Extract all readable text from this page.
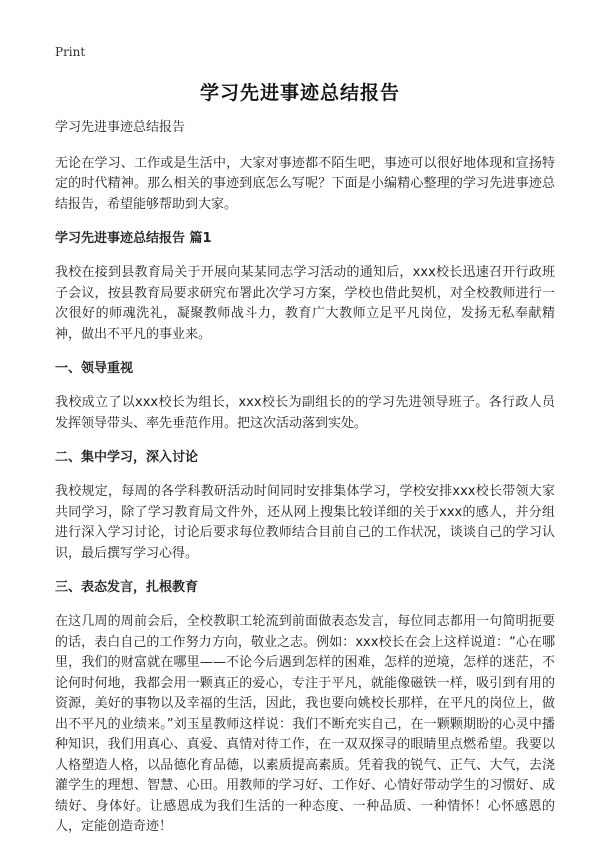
Print
学习先进事迹总结报告

学习先进事迹总结报告

无论在学习、工作或是生活中，大家对事迹都不陌生吧，事迹可以很好地体现和宣扬特定的时代精神。那么相关的事迹到底怎么写呢？下面是小编精心整理的学习先进事迹总结报告，希望能够帮助到大家。

学习先进事迹总结报告 篇1

我校在接到县教育局关于开展向某某同志学习活动的通知后，xxx校长迅速召开行政班子会议，按县教育局要求研究布署此次学习方案，学校也借此契机，对全校教师进行一次很好的师魂洗礼，凝聚教师战斗力，教育广大教师立足平凡岗位，发扬无私奉献精神，做出不平凡的事业来。

一、领导重视

我校成立了以xxx校长为组长，xxx校长为副组长的的学习先进领导班子。各行政人员发挥领导带头、率先垂范作用。把这次活动落到实处。

二、集中学习，深入讨论

我校规定，每周的各学科教研活动时间同时安排集体学习，学校安排xxx校长带领大家共同学习，除了学习教育局文件外，还从网上搜集比较详细的关于xxx的感人，并分组进行深入学习讨论，讨论后要求每位教师结合目前自己的工作状况，谈谈自己的学习认识，最后撰写学习心得。

三、表态发言，扎根教育

在这几周的周前会后，全校教职工轮流到前面做表态发言，每位同志都用一句简明扼要的话，表白自己的工作努力方向，敬业之志。例如：xxx校长在会上这样说道：“心在哪里，我们的财富就在哪里——不论今后遇到怎样的困难，怎样的逆境，怎样的迷茫，不论何时何地，我都会用一颗真正的爱心，专注于平凡，就能像磁铁一样，吸引到有用的资源，美好的事物以及幸福的生活，因此，我也要向姚校长那样，在平凡的岗位上，做出不平凡的业绩来。”刘玉星教师这样说：我们不断充实自己，在一颗颗期盼的心灵中播种知识，我们用真心、真爱、真情对待工作，在一双双探寻的眼睛里点燃希望。我要以人格塑造人格，以品德化育品德，以素质提高素质。凭着我的锐气、正气、大气，去浇灌学生的理想、智慧、心田。用教师的学习好、工作好、心情好带动学生的习惯好、成绩好、身体好。让感恩成为我们生活的一种态度、一种品质、一种情怀！心怀感恩的人，定能创造奇迹！
